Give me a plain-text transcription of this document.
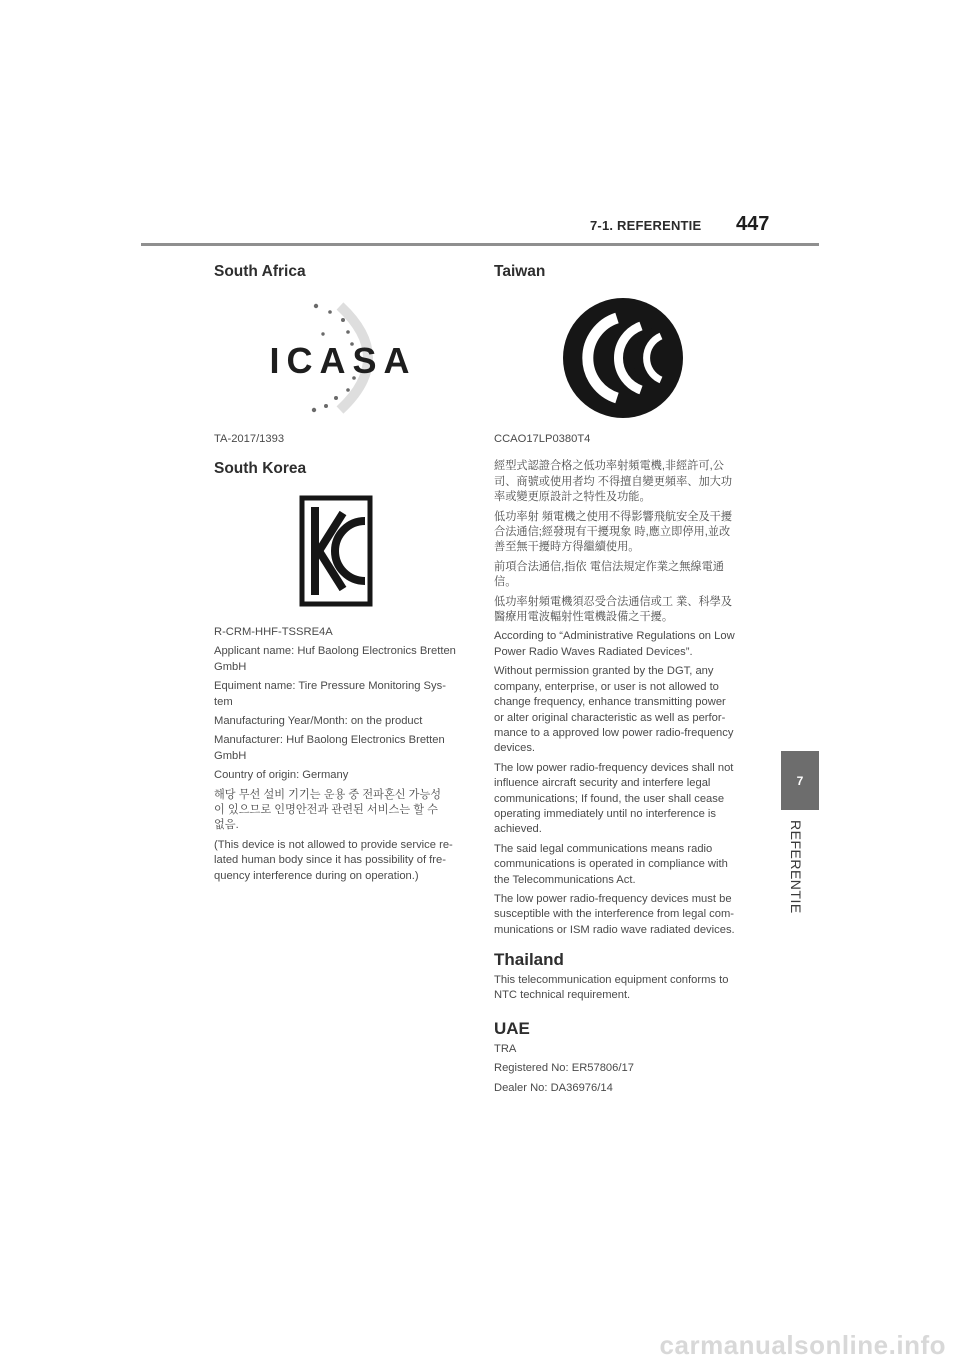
7-1. REFERENTIE 447
7
REFERENTIE
South Africa
ICASA

TA-2017/1393

South Korea
KC

R-CRM-HHF-TSSRE4A

Applicant name: Huf Baolong Electronics Bretten
GmbH

Equiment name: Tire Pressure Monitoring Sys-
tem

Manufacturing Year/Month: on the product

Manufacturer: Huf Baolong Electronics Bretten
GmbH

Country of origin: Germany

해당 무선 설비 기기는 운용 중 전파혼신 가능성
이 있으므로 인명안전과 관련된 서비스는 할 수
없음.

(This device is not allowed to provide service re-
lated human body since it has possibility of fre-
quency interference during on operation.)

Taiwan

CCAO17LP0380T4

經型式認證合格之低功率射頻電機,非經許可,公
司、商號或使用者均 不得擅自變更頻率、加大功
率或變更原設計之特性及功能。

低功率射 頻電機之使用不得影響飛航安全及干擾
合法通信;經發現有干擾現象 時,應立即停用,並改
善至無干擾時方得繼續使用。

前項合法通信,指依 電信法規定作業之無線電通
信。

低功率射頻電機須忍受合法通信或工 業、科學及
醫療用電波輻射性電機設備之干擾。

According to “Administrative Regulations on Low
Power Radio Waves Radiated Devices”.

Without permission granted by the DGT, any
company, enterprise, or user is not allowed to
change frequency, enhance transmitting power
or alter original characteristic as well as perfor-
mance to a approved low power radio-frequency
devices.

The low power radio-frequency devices shall not
influence aircraft security and interfere legal
communications; If found, the user shall cease
operating immediately until no interference is
achieved.

The said legal communications means radio
communications is operated in compliance with
the Telecommunications Act.

The low power radio-frequency devices must be
susceptible with the interference from legal com-
munications or ISM radio wave radiated devices.

Thailand

This telecommunication equipment conforms to
NTC technical requirement.

UAE

TRA

Registered No: ER57806/17

Dealer No: DA36976/14

carmanualsonline.info
